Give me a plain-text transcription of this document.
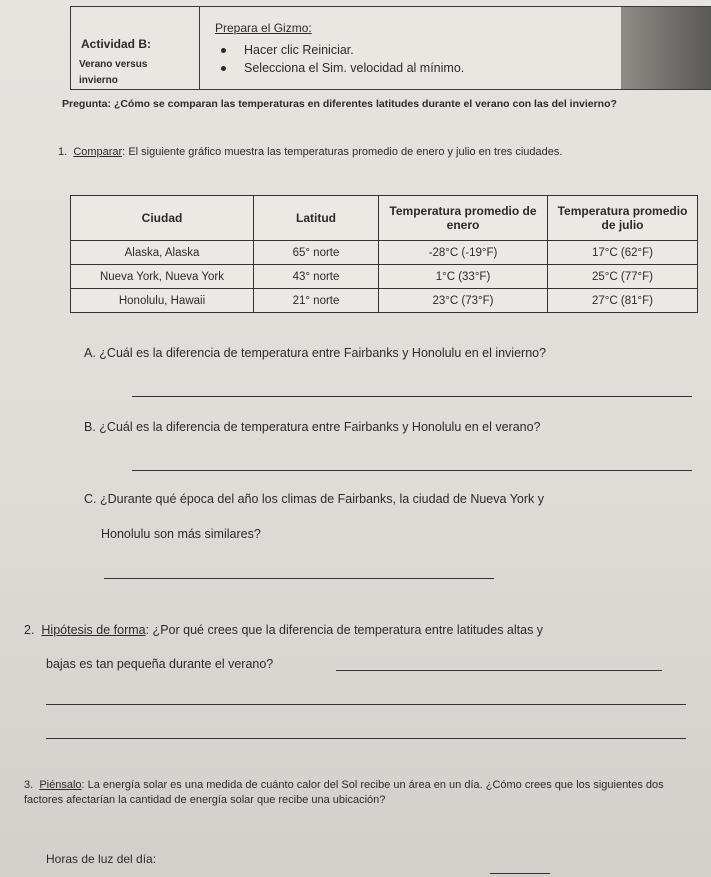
Actividad B:
Verano versus
invierno
Prepara el Gizmo:
Hacer clic Reiniciar.
Selecciona el Sim. velocidad al mínimo.
Pregunta: ¿Cómo se comparan las temperaturas en diferentes latitudes durante el verano con las del invierno?
1. Comparar: El siguiente gráfico muestra las temperaturas promedio de enero y julio en tres ciudades.
Ciudad	Latitud	Temperatura promedio de enero	Temperatura promedio de julio
Alaska, Alaska	65° norte	-28°C (-19°F)	17°C (62°F)
Nueva York, Nueva York	43° norte	1°C (33°F)	25°C (77°F)
Honolulu, Hawaii	21° norte	23°C (73°F)	27°C (81°F)
A. ¿Cuál es la diferencia de temperatura entre Fairbanks y Honolulu en el invierno?
B. ¿Cuál es la diferencia de temperatura entre Fairbanks y Honolulu en el verano?
C. ¿Durante qué época del año los climas de Fairbanks, la ciudad de Nueva York y
Honolulu son más similares?
2. Hipótesis de forma: ¿Por qué crees que la diferencia de temperatura entre latitudes altas y
bajas es tan pequeña durante el verano?
3. Piénsalo: La energía solar es una medida de cuánto calor del Sol recibe un área en un día. ¿Cómo crees que los siguientes dos factores afectarían la cantidad de energía solar que recibe una ubicación?
Horas de luz del día:
